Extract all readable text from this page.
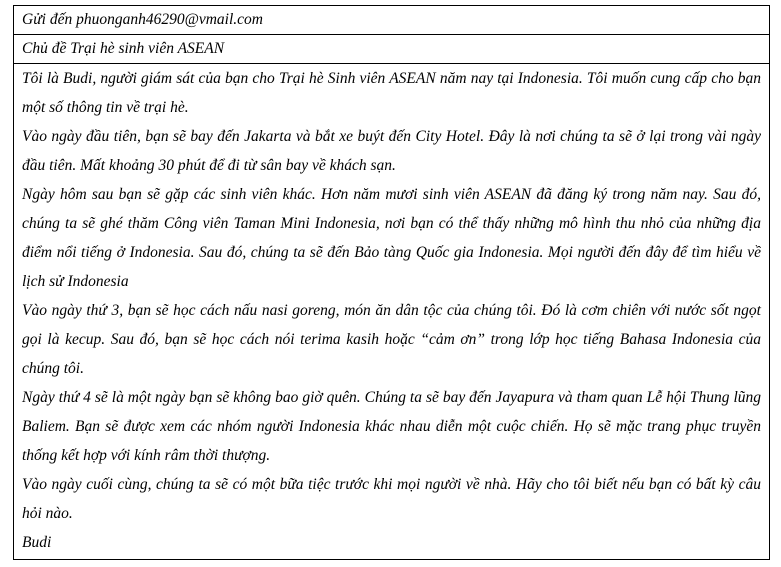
Gửi đến phuonganh46290@vmail.com
Chủ đề Trại hè sinh viên ASEAN

Tôi là Budi, người giám sát của bạn cho Trại hè Sinh viên ASEAN năm nay tại Indonesia. Tôi muốn cung cấp cho bạn một số thông tin về trại hè.

Vào ngày đầu tiên, bạn sẽ bay đến Jakarta và bắt xe buýt đến City Hotel. Đây là nơi chúng ta sẽ ở lại trong vài ngày đầu tiên. Mất khoảng 30 phút để đi từ sân bay về khách sạn.

Ngày hôm sau bạn sẽ gặp các sinh viên khác. Hơn năm mươi sinh viên ASEAN đã đăng ký trong năm nay. Sau đó, chúng ta sẽ ghé thăm Công viên Taman Mini Indonesia, nơi bạn có thể thấy những mô hình thu nhỏ của những địa điểm nổi tiếng ở Indonesia. Sau đó, chúng ta sẽ đến Bảo tàng Quốc gia Indonesia. Mọi người đến đây để tìm hiểu về lịch sử Indonesia

Vào ngày thứ 3, bạn sẽ học cách nấu nasi goreng, món ăn dân tộc của chúng tôi. Đó là cơm chiên với nước sốt ngọt gọi là kecup. Sau đó, bạn sẽ học cách nói terima kasih hoặc “cảm ơn” trong lớp học tiếng Bahasa Indonesia của chúng tôi.

Ngày thứ 4 sẽ là một ngày bạn sẽ không bao giờ quên. Chúng ta sẽ bay đến Jayapura và tham quan Lễ hội Thung lũng Baliem. Bạn sẽ được xem các nhóm người Indonesia khác nhau diễn một cuộc chiến. Họ sẽ mặc trang phục truyền thống kết hợp với kính râm thời thượng.

Vào ngày cuối cùng, chúng ta sẽ có một bữa tiệc trước khi mọi người về nhà. Hãy cho tôi biết nếu bạn có bất kỳ câu hỏi nào.

Budi
